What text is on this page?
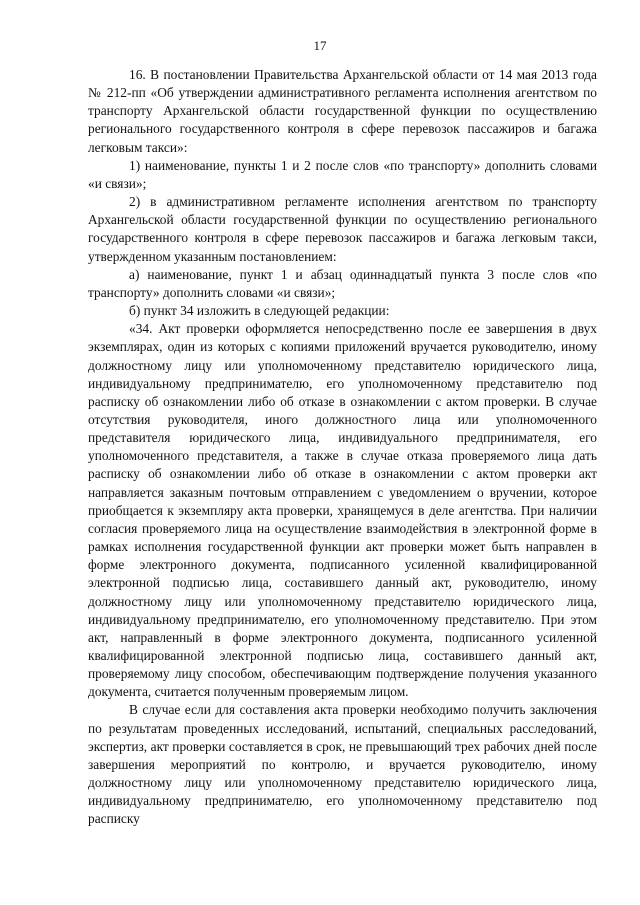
17

16. В постановлении Правительства Архангельской области от 14 мая 2013 года № 212-пп «Об утверждении административного регламента исполнения агентством по транспорту Архангельской области государственной функции по осуществлению регионального государственного контроля в сфере перевозок пассажиров и багажа легковым такси»:

1) наименование, пункты 1 и 2 после слов «по транспорту» дополнить словами «и связи»;

2) в административном регламенте исполнения агентством по транспорту Архангельской области государственной функции по осуществлению регионального государственного контроля в сфере перевозок пассажиров и багажа легковым такси, утвержденном указанным постановлением:

а) наименование, пункт 1 и абзац одиннадцатый пункта 3 после слов «по транспорту» дополнить словами «и связи»;

б) пункт 34 изложить в следующей редакции:

«34. Акт проверки оформляется непосредственно после ее завершения в двух экземплярах, один из которых с копиями приложений вручается руководителю, иному должностному лицу или уполномоченному представителю юридического лица, индивидуальному предпринимателю, его уполномоченному представителю под расписку об ознакомлении либо об отказе в ознакомлении с актом проверки. В случае отсутствия руководителя, иного должностного лица или уполномоченного представителя юридического лица, индивидуального предпринимателя, его уполномоченного представителя, а также в случае отказа проверяемого лица дать расписку об ознакомлении либо об отказе в ознакомлении с актом проверки акт направляется заказным почтовым отправлением с уведомлением о вручении, которое приобщается к экземпляру акта проверки, хранящемуся в деле агентства. При наличии согласия проверяемого лица на осуществление взаимодействия в электронной форме в рамках исполнения государственной функции акт проверки может быть направлен в форме электронного документа, подписанного усиленной квалифицированной электронной подписью лица, составившего данный акт, руководителю, иному должностному лицу или уполномоченному представителю юридического лица, индивидуальному предпринимателю, его уполномоченному представителю. При этом акт, направленный в форме электронного документа, подписанного усиленной квалифицированной электронной подписью лица, составившего данный акт, проверяемому лицу способом, обеспечивающим подтверждение получения указанного документа, считается полученным проверяемым лицом.

В случае если для составления акта проверки необходимо получить заключения по результатам проведенных исследований, испытаний, специальных расследований, экспертиз, акт проверки составляется в срок, не превышающий трех рабочих дней после завершения мероприятий по контролю, и вручается руководителю, иному должностному лицу или уполномоченному представителю юридического лица, индивидуальному предпринимателю, его уполномоченному представителю под расписку
